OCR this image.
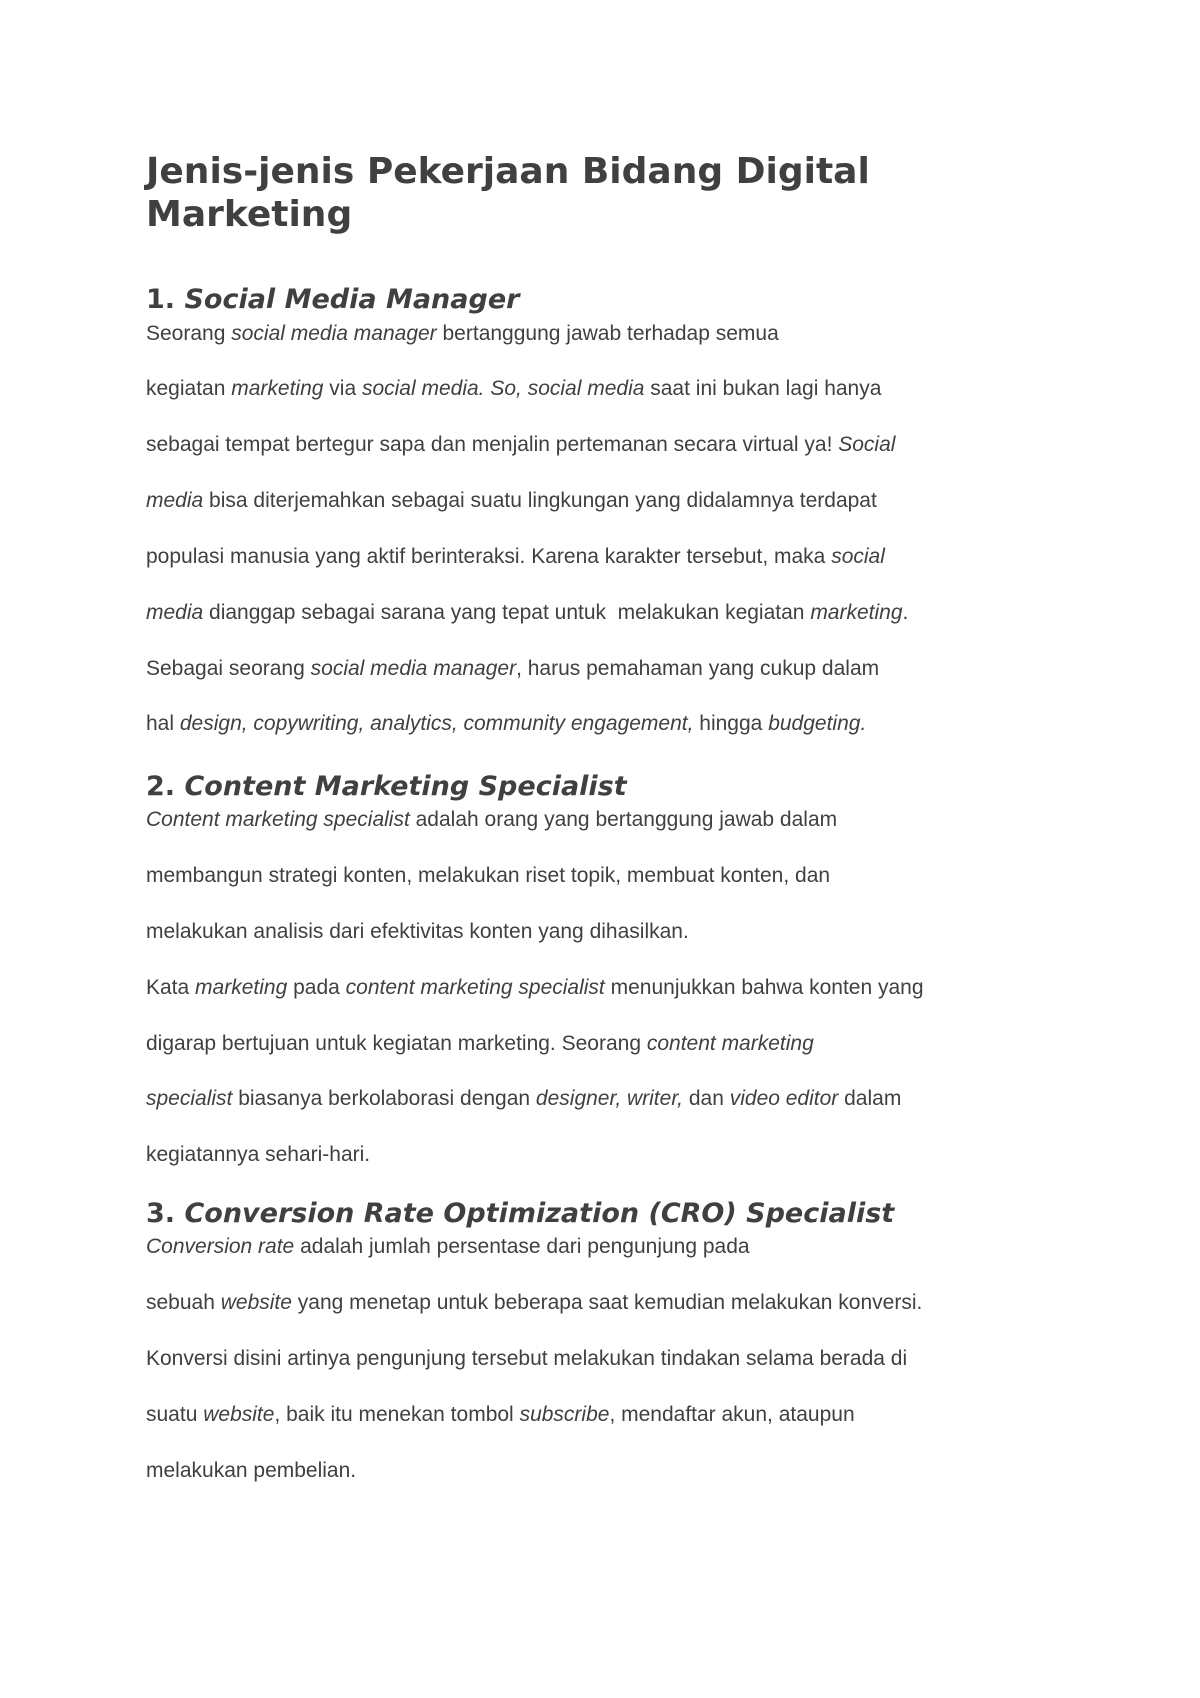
Jenis-jenis Pekerjaan Bidang Digital Marketing
1. Social Media Manager

Seorang social media manager bertanggung jawab terhadap semua

kegiatan marketing via social media. So, social media saat ini bukan lagi hanya

sebagai tempat bertegur sapa dan menjalin pertemanan secara virtual ya! Social

media bisa diterjemahkan sebagai suatu lingkungan yang didalamnya terdapat

populasi manusia yang aktif berinteraksi. Karena karakter tersebut, maka social

media dianggap sebagai sarana yang tepat untuk  melakukan kegiatan marketing.

Sebagai seorang social media manager, harus pemahaman yang cukup dalam

hal design, copywriting, analytics, community engagement, hingga budgeting.

2. Content Marketing Specialist

Content marketing specialist adalah orang yang bertanggung jawab dalam

membangun strategi konten, melakukan riset topik, membuat konten, dan

melakukan analisis dari efektivitas konten yang dihasilkan.

Kata marketing pada content marketing specialist menunjukkan bahwa konten yang

digarap bertujuan untuk kegiatan marketing. Seorang content marketing

specialist biasanya berkolaborasi dengan designer, writer, dan video editor dalam

kegiatannya sehari-hari.

3. Conversion Rate Optimization (CRO) Specialist

Conversion rate adalah jumlah persentase dari pengunjung pada

sebuah website yang menetap untuk beberapa saat kemudian melakukan konversi.

Konversi disini artinya pengunjung tersebut melakukan tindakan selama berada di

suatu website, baik itu menekan tombol subscribe, mendaftar akun, ataupun

melakukan pembelian.
